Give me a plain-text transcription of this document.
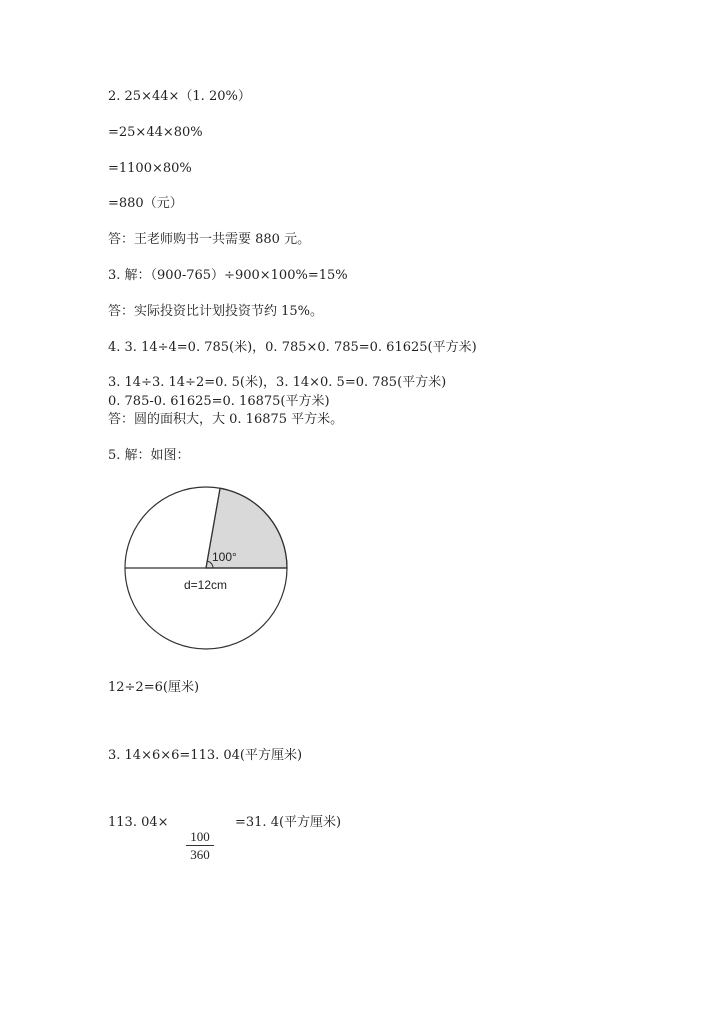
2. 25×44×（1. 20%）
=25×44×80%
=1100×80%
=880（元）
答：王老师购书一共需要 880 元。
3. 解：（900-765）÷900×100%=15%
答：实际投资比计划投资节约 15%。
4. 3. 14÷4=0. 785(米)，0. 785×0. 785=0. 61625(平方米)
3. 14÷3. 14÷2=0. 5(米)，3. 14×0. 5=0. 785(平方米)
0. 785-0. 61625=0. 16875(平方米)
答：圆的面积大，大 0. 16875 平方米。
5. 解：如图：
100°
d=12cm
12÷2=6(厘米)
3. 14×6×6=113. 04(平方厘米)
113. 04×
$\frac{100}{360}$
=31. 4(平方厘米)
